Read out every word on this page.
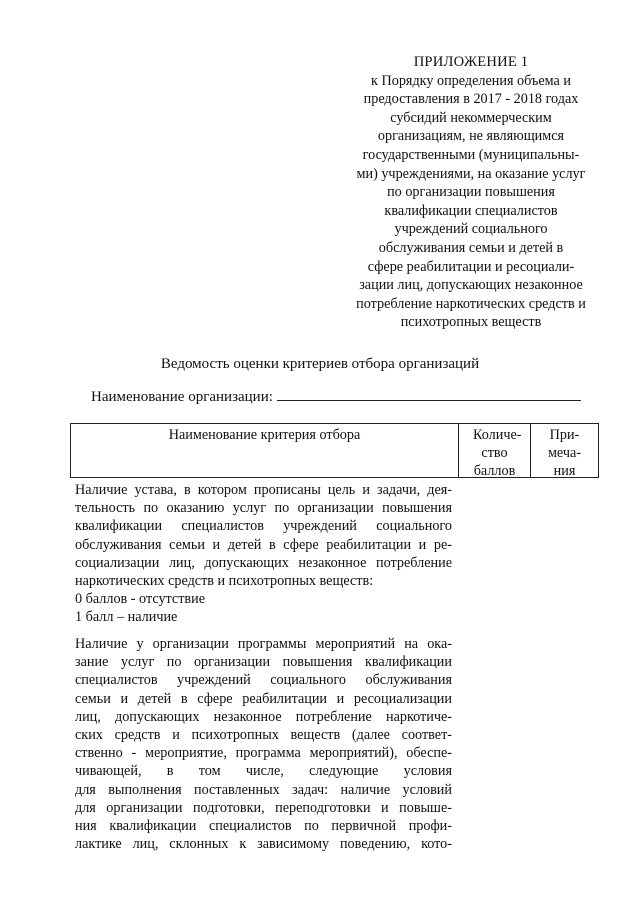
ПРИЛОЖЕНИЕ 1
к Порядку определения объема и
предоставления в 2017 - 2018 годах
субсидий некоммерческим
организациям, не являющимся
государственными (муниципальны-
ми) учреждениями, на оказание услуг
по организации повышения
квалификации специалистов
учреждений социального
обслуживания семьи и детей в
сфере реабилитации и ресоциали-
зации лиц, допускающих незаконное
потребление наркотических средств и
психотропных веществ
Ведомость оценки критериев отбора организаций
Наименование организации:
Наименование критерия отбора	Количе-
ство
баллов
При-
меча-
ния
Наличие устава, в котором прописаны цель и задачи, дея-
тельность по оказанию услуг по организации повышения
квалификации специалистов учреждений социального
обслуживания семьи и детей в сфере реабилитации и ре-
социализации лиц, допускающих незаконное потребление
наркотических средств и психотропных веществ:
0 баллов - отсутствие
1 балл – наличие
Наличие у организации программы мероприятий на ока-
зание услуг по организации повышения квалификации
специалистов учреждений социального обслуживания
семьи и детей в сфере реабилитации и ресоциализации
лиц, допускающих незаконное потребление наркотиче-
ских средств и психотропных веществ (далее соответ-
ственно - мероприятие, программа мероприятий), обеспе-
чивающей, в том числе, следующие условия
для выполнения поставленных задач: наличие условий
для организации подготовки, переподготовки и повыше-
ния квалификации специалистов по первичной профи-
лактике лиц, склонных к зависимому поведению, кото-
